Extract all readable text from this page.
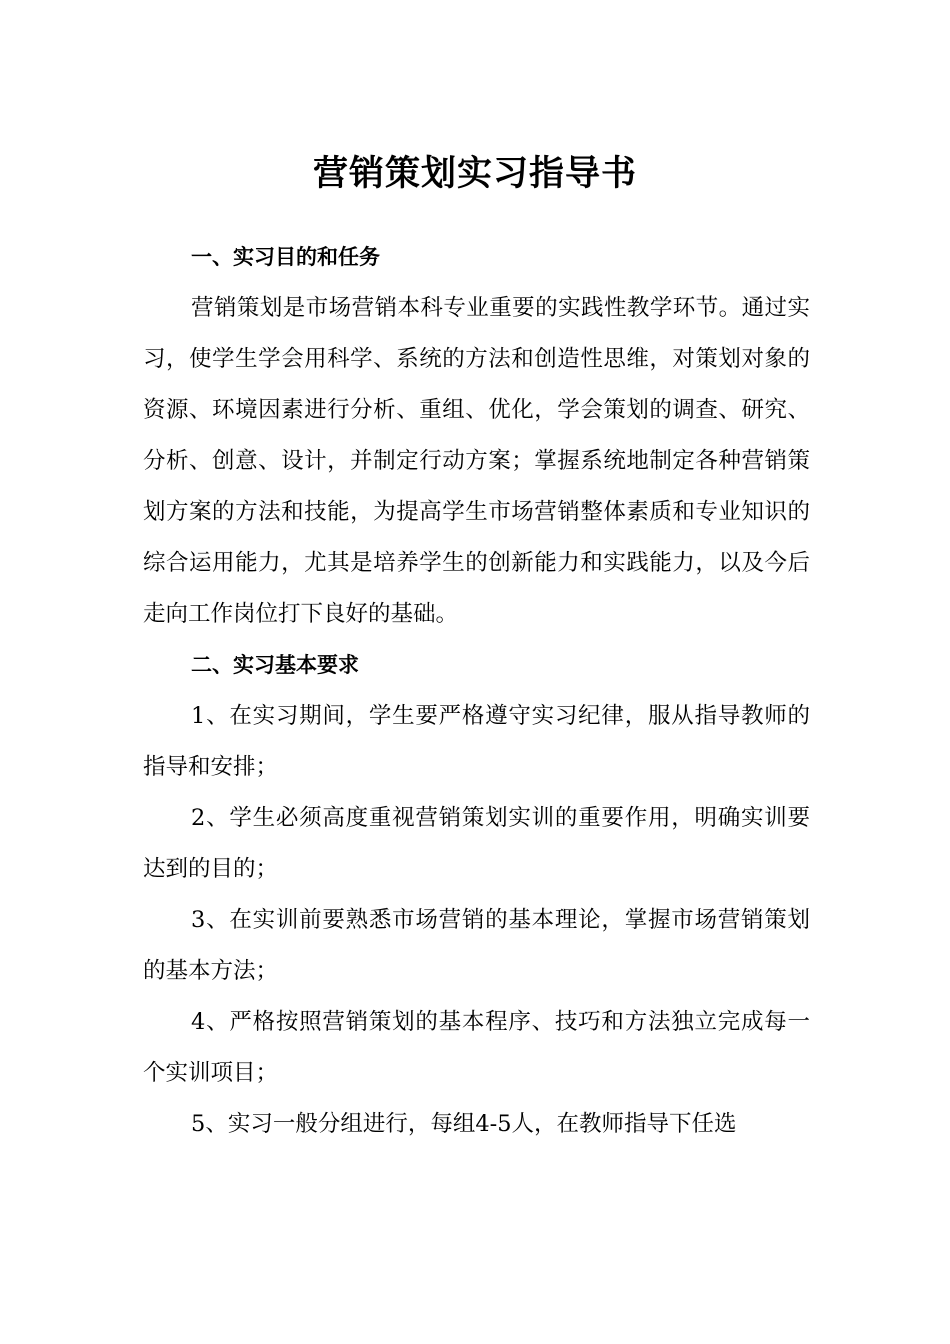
营销策划实习指导书

一、实习目的和任务

营销策划是市场营销本科专业重要的实践性教学环节。通过实习，使学生学会用科学、系统的方法和创造性思维，对策划对象的资源、环境因素进行分析、重组、优化，学会策划的调查、研究、分析、创意、设计，并制定行动方案；掌握系统地制定各种营销策划方案的方法和技能，为提高学生市场营销整体素质和专业知识的综合运用能力，尤其是培养学生的创新能力和实践能力，以及今后走向工作岗位打下良好的基础。

二、实习基本要求

1、在实习期间，学生要严格遵守实习纪律，服从指导教师的指导和安排；

2、学生必须高度重视营销策划实训的重要作用，明确实训要达到的目的；

3、在实训前要熟悉市场营销的基本理论，掌握市场营销策划的基本方法；

4、严格按照营销策划的基本程序、技巧和方法独立完成每一个实训项目；

5、实习一般分组进行，每组4-5人，在教师指导下任选
